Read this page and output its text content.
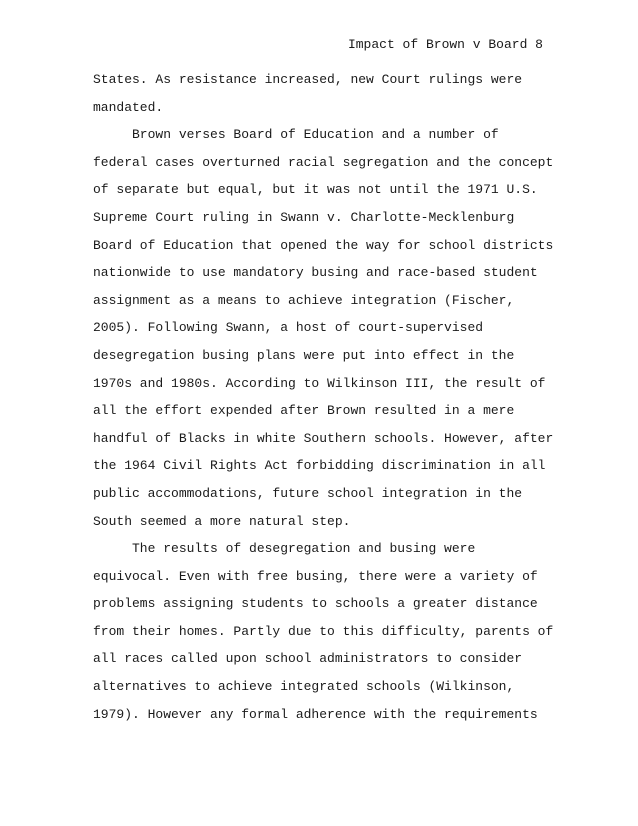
Impact of Brown v Board 8
States. As resistance increased, new Court rulings were
mandated.
Brown verses Board of Education and a number of
federal cases overturned racial segregation and the concept
of separate but equal, but it was not until the 1971 U.S.
Supreme Court ruling in Swann v. Charlotte-Mecklenburg
Board of Education that opened the way for school districts
nationwide to use mandatory busing and race-based student
assignment as a means to achieve integration (Fischer,
2005). Following Swann, a host of court-supervised
desegregation busing plans were put into effect in the
1970s and 1980s. According to Wilkinson III, the result of
all the effort expended after Brown resulted in a mere
handful of Blacks in white Southern schools. However, after
the 1964 Civil Rights Act forbidding discrimination in all
public accommodations, future school integration in the
South seemed a more natural step.
The results of desegregation and busing were
equivocal. Even with free busing, there were a variety of
problems assigning students to schools a greater distance
from their homes. Partly due to this difficulty, parents of
all races called upon school administrators to consider
alternatives to achieve integrated schools (Wilkinson,
1979). However any formal adherence with the requirements
